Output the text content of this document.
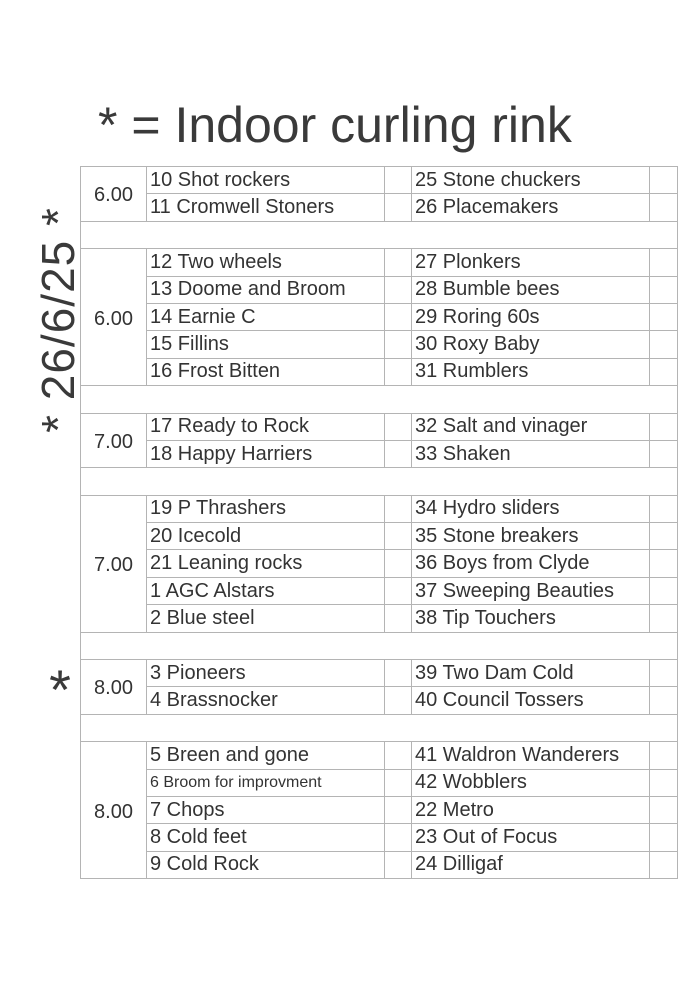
* = Indoor curling rink
* 26/6/25 *
*
6.00	10 Shot rockers		25 Stone chuckers	
	11 Cromwell Stoners		26 Placemakers	

6.00	12 Two wheels		27 Plonkers	
	13 Doome and Broom		28 Bumble bees	
	14 Earnie C		29 Roring 60s	
	15 Fillins		30 Roxy Baby	
	16 Frost Bitten		31 Rumblers	

7.00	17 Ready to Rock		32 Salt and vinager	
	18 Happy Harriers		33 Shaken	

7.00	19 P Thrashers		34 Hydro sliders	
	20 Icecold		35 Stone breakers	
	21 Leaning rocks		36 Boys from Clyde	
	1 AGC Alstars		37 Sweeping Beauties	
	2 Blue steel		38 Tip Touchers	

8.00	3 Pioneers		39 Two Dam Cold	
	4 Brassnocker		40 Council Tossers	

8.00	5 Breen and gone		41 Waldron Wanderers	
	6 Broom for improvment		42 Wobblers	
	7 Chops		22 Metro	
	8 Cold feet		23 Out of Focus	
	9 Cold Rock		24 Dilligaf	
